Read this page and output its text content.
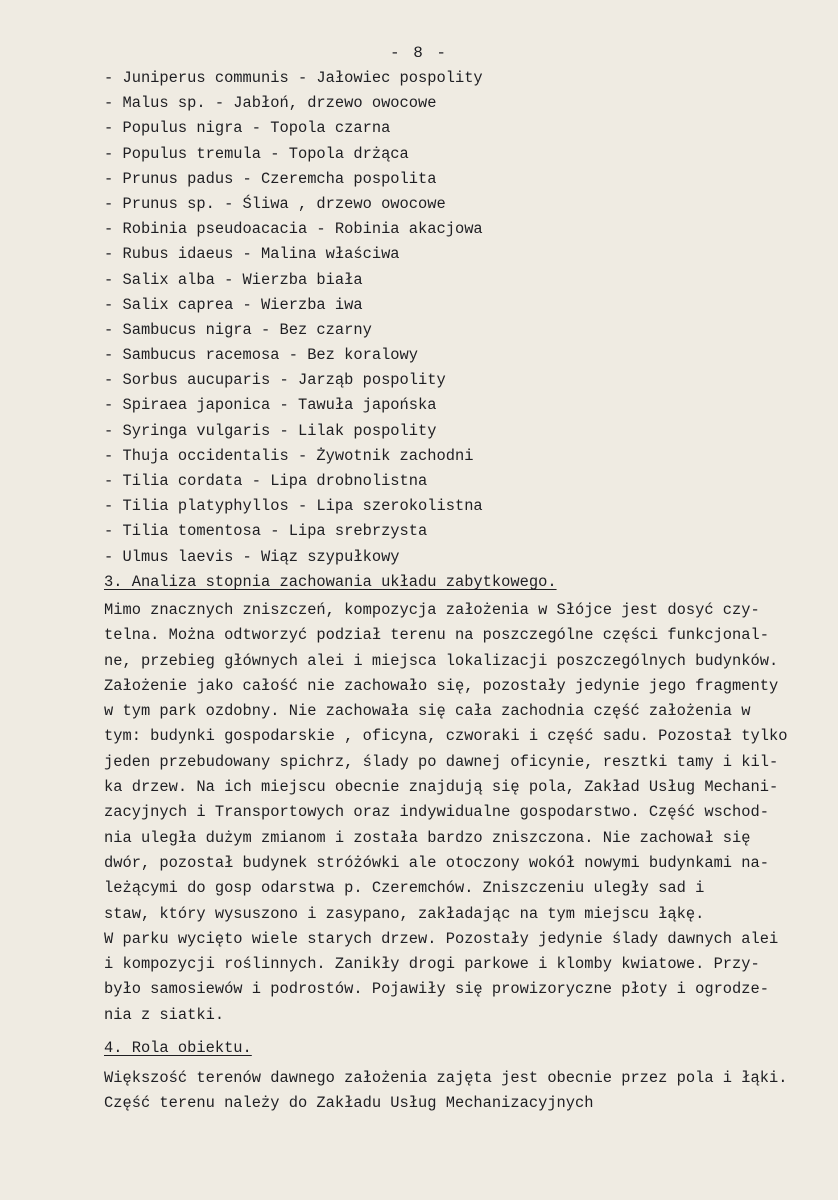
- 8 -
- Juniperus communis - Jałowiec pospolity
- Malus sp. - Jabłoń, drzewo owocowe
- Populus nigra - Topola czarna
- Populus tremula - Topola drżąca
- Prunus padus - Czeremcha pospolita
- Prunus sp. - Śliwa , drzewo owocowe
- Robinia pseudoacacia - Robinia akacjowa
- Rubus idaeus - Malina właściwa
- Salix alba - Wierzba biała
- Salix caprea - Wierzba iwa
- Sambucus nigra - Bez czarny
- Sambucus racemosa - Bez koralowy
- Sorbus aucuparis - Jarząb pospolity
- Spiraea japonica - Tawuła japońska
- Syringa vulgaris - Lilak pospolity
- Thuja occidentalis - Żywotnik zachodni
- Tilia cordata - Lipa drobnolistna
- Tilia platyphyllos - Lipa szerokolistna
- Tilia tomentosa - Lipa srebrzysta
- Ulmus laevis - Wiąz szypułkowy
3. Analiza stopnia zachowania układu zabytkowego.
Mimo znacznych zniszczeń, kompozycja założenia w Słójce jest dosyć czy-
telna. Można odtworzyć podział terenu na poszczególne części funkcjonal-
ne, przebieg głównych alei i miejsca lokalizacji poszczególnych budynków.
Założenie jako całość nie zachowało się, pozostały jedynie jego fragmenty
w tym park ozdobny. Nie zachowała się cała zachodnia część założenia w
tym: budynki gospodarskie , oficyna, czworaki i część sadu. Pozostał tylko
jeden przebudowany spichrz, ślady po dawnej oficynie, resztki tamy i kil-
ka drzew. Na ich miejscu obecnie znajdują się pola, Zakład Usług Mechani-
zacyjnych i Transportowych oraz indywidualne gospodarstwo. Część wschod-
nia uległa dużym zmianom i została bardzo zniszczona. Nie zachował się
dwór, pozostał budynek stróżówki ale otoczony wokół nowymi budynkami na-
leżącymi do gosp odarstwa p. Czeremchów. Zniszczeniu uległy sad i
staw, który wysuszono i zasypano, zakładając na tym miejscu łąkę.
W parku wycięto wiele starych drzew. Pozostały jedynie ślady dawnych alei
i kompozycji roślinnych. Zanikły drogi parkowe i klomby kwiatowe. Przy-
było samosiewów i podrostów. Pojawiły się prowizoryczne płoty i ogrodze-
nia z siatki.
4. Rola obiektu.
Większość terenów dawnego założenia zajęta jest obecnie przez pola i łąki.
Część terenu należy do Zakładu Usług Mechanizacyjnych
